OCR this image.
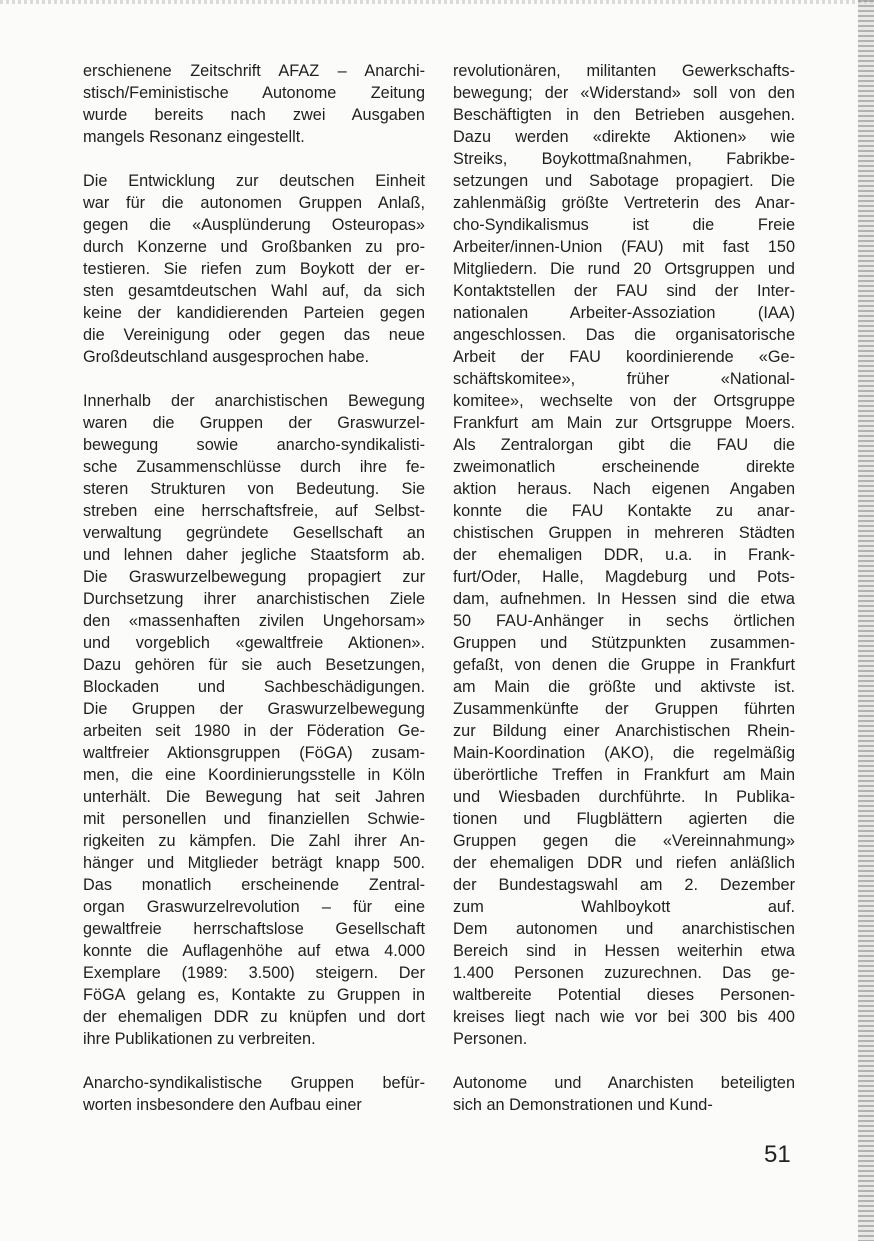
erschienene Zeitschrift AFAZ – Anarchi-
stisch/Feministische Autonome Zeitung
wurde bereits nach zwei Ausgaben
mangels Resonanz eingestellt.
Die Entwicklung zur deutschen Einheit
war für die autonomen Gruppen Anlaß,
gegen die «Ausplünderung Osteuropas»
durch Konzerne und Großbanken zu pro-
testieren. Sie riefen zum Boykott der er-
sten gesamtdeutschen Wahl auf, da sich
keine der kandidierenden Parteien gegen
die Vereinigung oder gegen das neue
Großdeutschland ausgesprochen habe.
Innerhalb der anarchistischen Bewegung
waren die Gruppen der Graswurzel-
bewegung sowie anarcho-syndikalisti-
sche Zusammenschlüsse durch ihre fe-
steren Strukturen von Bedeutung. Sie
streben eine herrschaftsfreie, auf Selbst-
verwaltung gegründete Gesellschaft an
und lehnen daher jegliche Staatsform ab.
Die Graswurzelbewegung propagiert zur
Durchsetzung ihrer anarchistischen Ziele
den «massenhaften zivilen Ungehorsam»
und vorgeblich «gewaltfreie Aktionen».
Dazu gehören für sie auch Besetzungen,
Blockaden und Sachbeschädigungen.
Die Gruppen der Graswurzelbewegung
arbeiten seit 1980 in der Föderation Ge-
waltfreier Aktionsgruppen (FöGA) zusam-
men, die eine Koordinierungsstelle in Köln
unterhält. Die Bewegung hat seit Jahren
mit personellen und finanziellen Schwie-
rigkeiten zu kämpfen. Die Zahl ihrer An-
hänger und Mitglieder beträgt knapp 500.
Das monatlich erscheinende Zentral-
organ Graswurzelrevolution – für eine
gewaltfreie herrschaftslose Gesellschaft
konnte die Auflagenhöhe auf etwa 4.000
Exemplare (1989: 3.500) steigern. Der
FöGA gelang es, Kontakte zu Gruppen in
der ehemaligen DDR zu knüpfen und dort
ihre Publikationen zu verbreiten.
Anarcho-syndikalistische Gruppen befür-
worten insbesondere den Aufbau einer
revolutionären, militanten Gewerkschafts-
bewegung; der «Widerstand» soll von den
Beschäftigten in den Betrieben ausgehen.
Dazu werden «direkte Aktionen» wie
Streiks, Boykottmaßnahmen, Fabrikbe-
setzungen und Sabotage propagiert. Die
zahlenmäßig größte Vertreterin des Anar-
cho-Syndikalismus ist die Freie
Arbeiter/innen-Union (FAU) mit fast 150
Mitgliedern. Die rund 20 Ortsgruppen und
Kontaktstellen der FAU sind der Inter-
nationalen Arbeiter-Assoziation (IAA)
angeschlossen. Das die organisatorische
Arbeit der FAU koordinierende «Ge-
schäftskomitee», früher «National-
komitee», wechselte von der Ortsgruppe
Frankfurt am Main zur Ortsgruppe Moers.
Als Zentralorgan gibt die FAU die
zweimonatlich erscheinende direkte
aktion heraus. Nach eigenen Angaben
konnte die FAU Kontakte zu anar-
chistischen Gruppen in mehreren Städten
der ehemaligen DDR, u.a. in Frank-
furt/Oder, Halle, Magdeburg und Pots-
dam, aufnehmen. In Hessen sind die etwa
50 FAU-Anhänger in sechs örtlichen
Gruppen und Stützpunkten zusammen-
gefaßt, von denen die Gruppe in Frankfurt
am Main die größte und aktivste ist.
Zusammenkünfte der Gruppen führten
zur Bildung einer Anarchistischen Rhein-
Main-Koordination (AKO), die regelmäßig
überörtliche Treffen in Frankfurt am Main
und Wiesbaden durchführte. In Publika-
tionen und Flugblättern agierten die
Gruppen gegen die «Vereinnahmung»
der ehemaligen DDR und riefen anläßlich
der Bundestagswahl am 2. Dezember
zum Wahlboykott auf.
Dem autonomen und anarchistischen
Bereich sind in Hessen weiterhin etwa
1.400 Personen zuzurechnen. Das ge-
waltbereite Potential dieses Personen-
kreises liegt nach wie vor bei 300 bis 400
Personen.
Autonome und Anarchisten beteiligten
sich an Demonstrationen und Kund-
51
